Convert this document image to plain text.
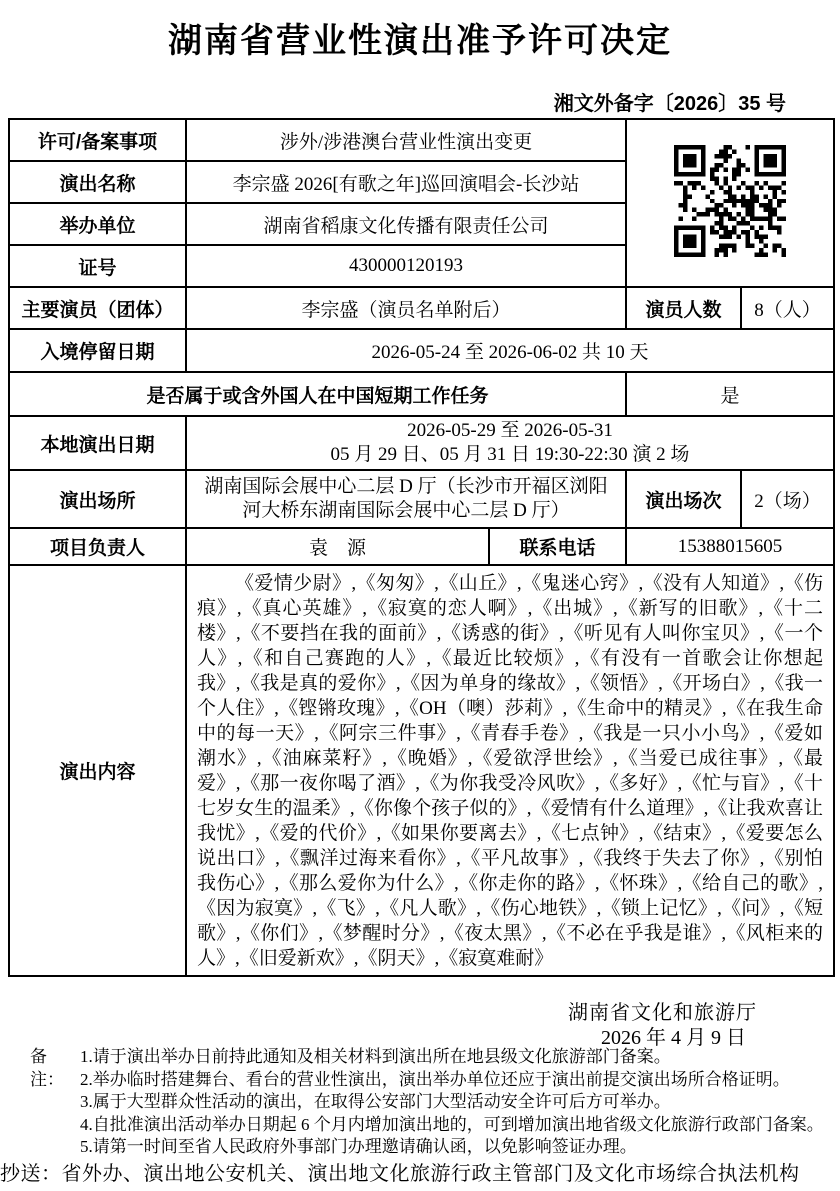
湖南省营业性演出准予许可决定
湘文外备字〔2026〕35 号
许可/备案事项	涉外/涉港澳台营业性演出变更	
演出名称	李宗盛 2026[有歌之年]巡回演唱会-长沙站			
举办单位	湖南省稻康文化传播有限责任公司			
证号	430000120193			
主要演员（团体）	李宗盛（演员名单附后）		演员人数	8（人）
入境停留日期	2026-05-24 至 2026-06-02 共 10 天			
是否属于或含外国人在中国短期工作任务			是	
本地演出日期	2026-05-29 至 2026-05-31
05 月 29 日、05 月 31 日 19:30-22:30 演 2 场			

演出场所	湖南国际会展中心二层 D 厅（长沙市开福区浏阳河大桥东湖南国际会展中心二层 D 厅）		演出场次	2（场）
项目负责人	袁　源	联系电话	15388015605	
演出内容	《爱情少尉》,《匆匆》,《山丘》,《鬼迷心窍》,《没有人知道》,《伤痕》,《真心英雄》,《寂寞的恋人啊》,《出城》,《新写的旧歌》,《十二楼》,《不要挡在我的面前》,《诱惑的街》,《听见有人叫你宝贝》,《一个人》,《和自己赛跑的人》,《最近比较烦》,《有没有一首歌会让你想起我》,《我是真的爱你》,《因为单身的缘故》,《领悟》,《开场白》,《我一个人住》,《铿锵玫瑰》,《OH（噢）莎莉》,《生命中的精灵》,《在我生命中的每一天》,《阿宗三件事》,《青春手卷》,《我是一只小小鸟》,《爱如潮水》,《油麻菜籽》,《晚婚》,《爱欲浮世绘》,《当爱已成往事》,《最爱》,《那一夜你喝了酒》,《为你我受冷风吹》,《多好》,《忙与盲》,《十七岁女生的温柔》,《你像个孩子似的》,《爱情有什么道理》,《让我欢喜让我忧》,《爱的代价》,《如果你要离去》,《七点钟》,《结束》,《爱要怎么说出口》,《飘洋过海来看你》,《平凡故事》,《我终于失去了你》,《别怕我伤心》,《那么爱你为什么》,《你走你的路》,《怀珠》,《给自己的歌》,《因为寂寞》,《飞》,《凡人歌》,《伤心地铁》,《锁上记忆》,《问》,《短歌》,《你们》,《梦醒时分》,《夜太黑》,《不必在乎我是谁》,《风柜来的人》,《旧爱新欢》,《阴天》,《寂寞难耐》			
湖南省文化和旅游厅
2026 年 4 月 9 日
备注：
1.请于演出举办日前持此通知及相关材料到演出所在地县级文化旅游部门备案。
2.举办临时搭建舞台、看台的营业性演出，演出举办单位还应于演出前提交演出场所合格证明。
3.属于大型群众性活动的演出，在取得公安部门大型活动安全许可后方可举办。
4.自批准演出活动举办日期起 6 个月内增加演出地的，可到增加演出地省级文化旅游行政部门备案。
5.请第一时间至省人民政府外事部门办理邀请确认函，以免影响签证办理。
抄送：省外办、演出地公安机关、演出地文化旅游行政主管部门及文化市场综合执法机构
